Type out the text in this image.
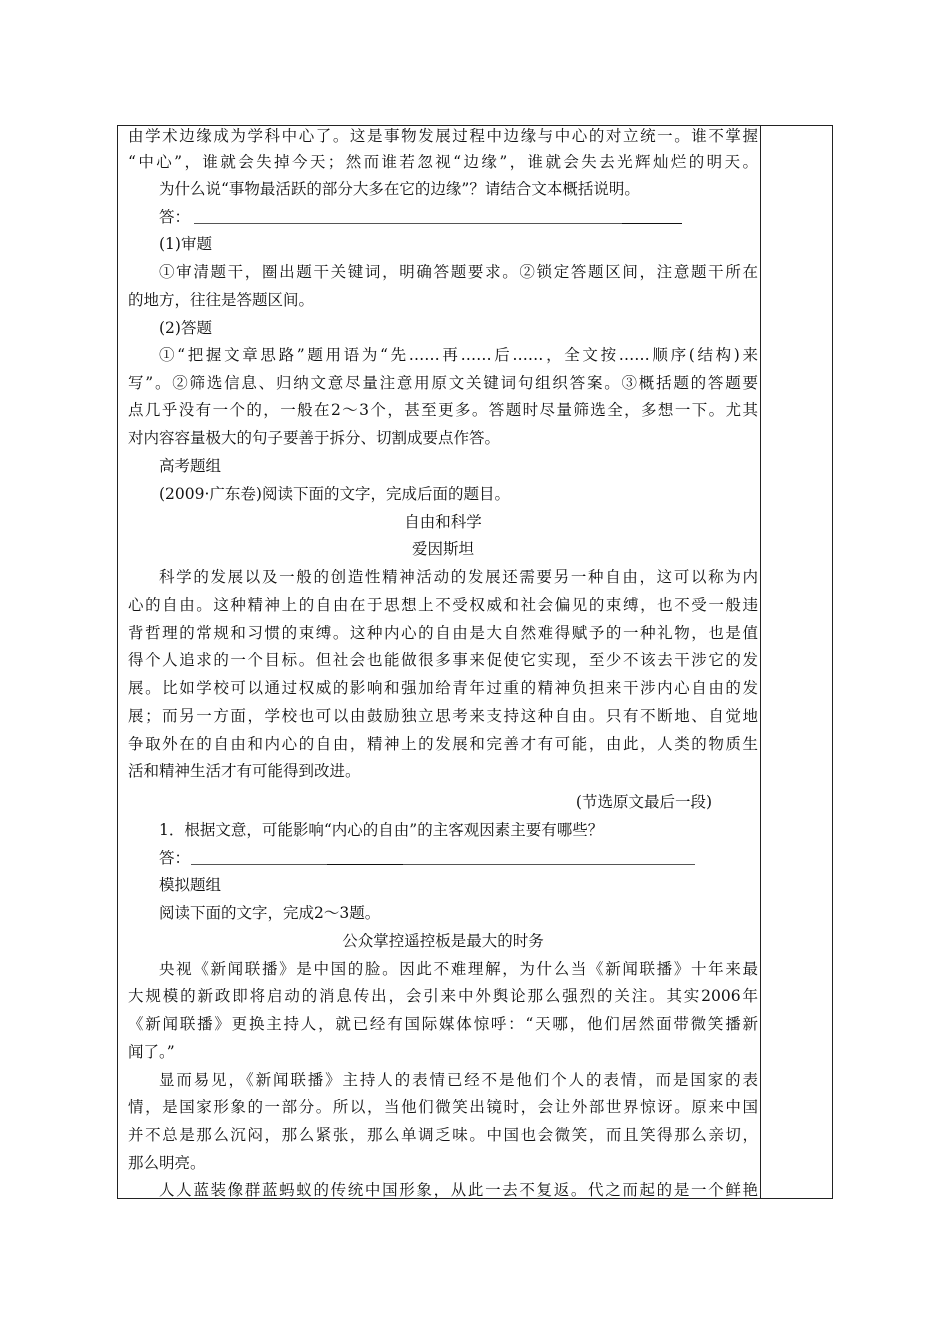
由学术边缘成为学科中心了。这是事物发展过程中边缘与中心的对立统一。谁不掌握
“中心”，谁就会失掉今天；然而谁若忽视“边缘”，谁就会失去光辉灿烂的明天。
为什么说“事物最活跃的部分大多在它的边缘”？请结合文本概括说明。
答：
(1)审题
①审清题干，圈出题干关键词，明确答题要求。②锁定答题区间，注意题干所在
的地方，往往是答题区间。
(2)答题
①“把握文章思路”题用语为“先……再……后……，全文按……顺序(结构)来
写”。②筛选信息、归纳文意尽量注意用原文关键词句组织答案。③概括题的答题要
点几乎没有一个的，一般在2～3个，甚至更多。答题时尽量筛选全，多想一下。尤其
对内容容量极大的句子要善于拆分、切割成要点作答。
高考题组
(2009·广东卷)阅读下面的文字，完成后面的题目。
自由和科学
爱因斯坦
科学的发展以及一般的创造性精神活动的发展还需要另一种自由，这可以称为内
心的自由。这种精神上的自由在于思想上不受权威和社会偏见的束缚，也不受一般违
背哲理的常规和习惯的束缚。这种内心的自由是大自然难得赋予的一种礼物，也是值
得个人追求的一个目标。但社会也能做很多事来促使它实现，至少不该去干涉它的发
展。比如学校可以通过权威的影响和强加给青年过重的精神负担来干涉内心自由的发
展；而另一方面，学校也可以由鼓励独立思考来支持这种自由。只有不断地、自觉地
争取外在的自由和内心的自由，精神上的发展和完善才有可能，由此，人类的物质生
活和精神生活才有可能得到改进。
(节选原文最后一段)
1．根据文意，可能影响“内心的自由”的主客观因素主要有哪些？
答：
模拟题组
阅读下面的文字，完成2～3题。
公众掌控遥控板是最大的时务
央视《新闻联播》是中国的脸。因此不难理解，为什么当《新闻联播》十年来最
大规模的新政即将启动的消息传出，会引来中外舆论那么强烈的关注。其实2006年
《新闻联播》更换主持人，就已经有国际媒体惊呼：“天哪，他们居然面带微笑播新
闻了。”
显而易见，《新闻联播》主持人的表情已经不是他们个人的表情，而是国家的表
情，是国家形象的一部分。所以，当他们微笑出镜时，会让外部世界惊讶。原来中国
并不总是那么沉闷，那么紧张，那么单调乏味。中国也会微笑，而且笑得那么亲切，
那么明亮。
人人蓝装像群蓝蚂蚁的传统中国形象，从此一去不复返。代之而起的是一个鲜艳
